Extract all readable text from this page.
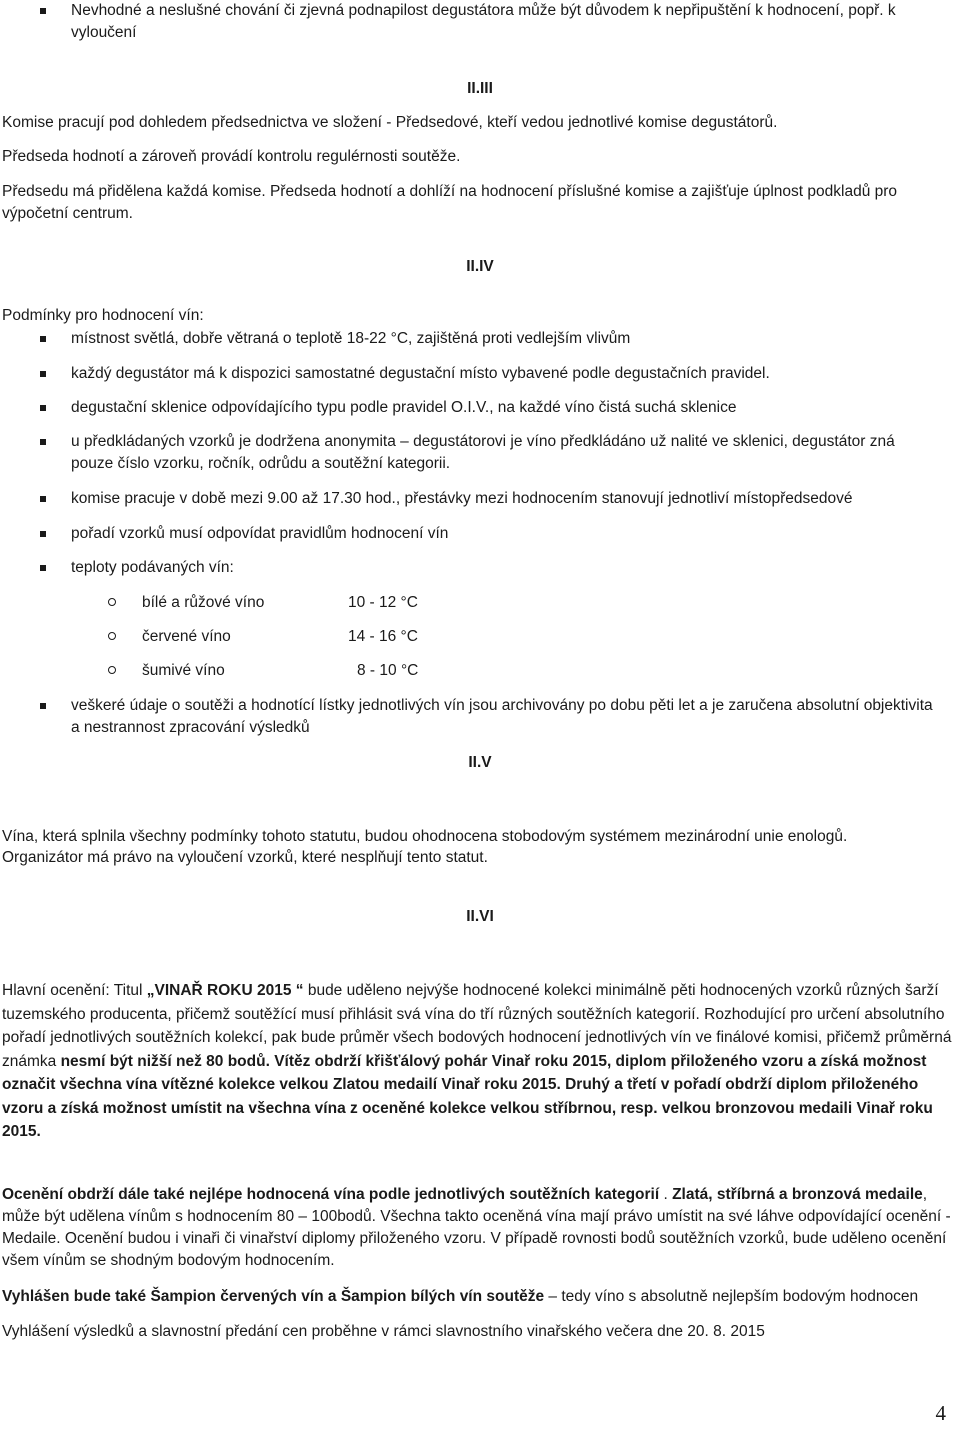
Nevhodné a neslušné chování či zjevná podnapilost degustátora může být důvodem k nepřipuštění k hodnocení, popř. k vyloučení
II.III
Komise pracují pod dohledem předsednictva ve složení - Předsedové, kteří vedou jednotlivé komise degustátorů.
Předseda hodnotí a zároveň provádí kontrolu regulérnosti soutěže.
Předsedu má přidělena každá komise. Předseda hodnotí a dohlíží na hodnocení příslušné komise a zajišťuje úplnost podkladů pro výpočetní centrum.
II.IV
Podmínky pro hodnocení vín:
místnost světlá, dobře větraná o teplotě 18-22 °C, zajištěná proti vedlejším vlivům
každý degustátor má k dispozici samostatné degustační místo vybavené podle degustačních pravidel.
degustační sklenice odpovídajícího typu podle pravidel O.I.V., na každé víno čistá suchá sklenice
u předkládaných vzorků je dodržena anonymita – degustátorovi je víno předkládáno už nalité ve sklenici, degustátor zná pouze číslo vzorku, ročník, odrůdu a soutěžní kategorii.
komise pracuje v době mezi 9.00 až 17.30 hod., přestávky mezi hodnocením stanovují jednotliví místopředsedové
pořadí vzorků musí odpovídat pravidlům hodnocení vín
teploty podávaných vín:
bílé a růžové víno	10 - 12 °C
červené víno	14 - 16 °C
šumivé víno	8 - 10 °C
veškeré údaje o soutěži a hodnotící lístky jednotlivých vín jsou archivovány po dobu pěti let a je zaručena absolutní objektivita a nestrannost zpracování výsledků
II.V
Vína, která splnila všechny podmínky tohoto statutu, budou ohodnocena stobodovým systémem mezinárodní unie enologů.
Organizátor má právo na vyloučení vzorků, které nesplňují tento statut.
II.VI
Hlavní ocenění: Titul „VINAŘ ROKU 2015 “ bude uděleno nejvýše hodnocené kolekci minimálně pěti hodnocených vzorků různých šarží tuzemského producenta, přičemž soutěžící musí přihlásit svá vína do tří různých soutěžních kategorií. Rozhodující pro určení absolutního pořadí jednotlivých soutěžních kolekcí, pak bude průměr všech bodových hodnocení jednotlivých vín ve finálové komisi, přičemž průměrná známka nesmí být nižší než 80 bodů. Vítěz obdrží křišťálový pohár Vinař roku 2015, diplom přiloženého vzoru a získá možnost označit všechna vína vítězné kolekce velkou Zlatou medailí Vinař roku 2015. Druhý a třetí v pořadí obdrží diplom přiloženého vzoru a získá možnost umístit na všechna vína z oceněné kolekce velkou stříbrnou, resp. velkou bronzovou medaili Vinař roku 2015.
Ocenění obdrží dále také nejlépe hodnocená vína podle jednotlivých soutěžních kategorií . Zlatá, stříbrná a bronzová medaile, může být udělena vínům s hodnocením 80 – 100bodů. Všechna takto oceněná vína mají právo umístit na své láhve odpovídající ocenění - Medaile. Ocenění budou i vinaři či vinařství diplomy přiloženého vzoru. V případě rovnosti bodů soutěžních vzorků, bude uděleno ocenění všem vínům se shodným bodovým hodnocením.
Vyhlášen bude také Šampion červených vín a Šampion bílých vín soutěže – tedy víno s absolutně nejlepším bodovým hodnocen
Vyhlášení výsledků a slavnostní předání cen proběhne v rámci slavnostního vinařského večera dne 20. 8. 2015
4
